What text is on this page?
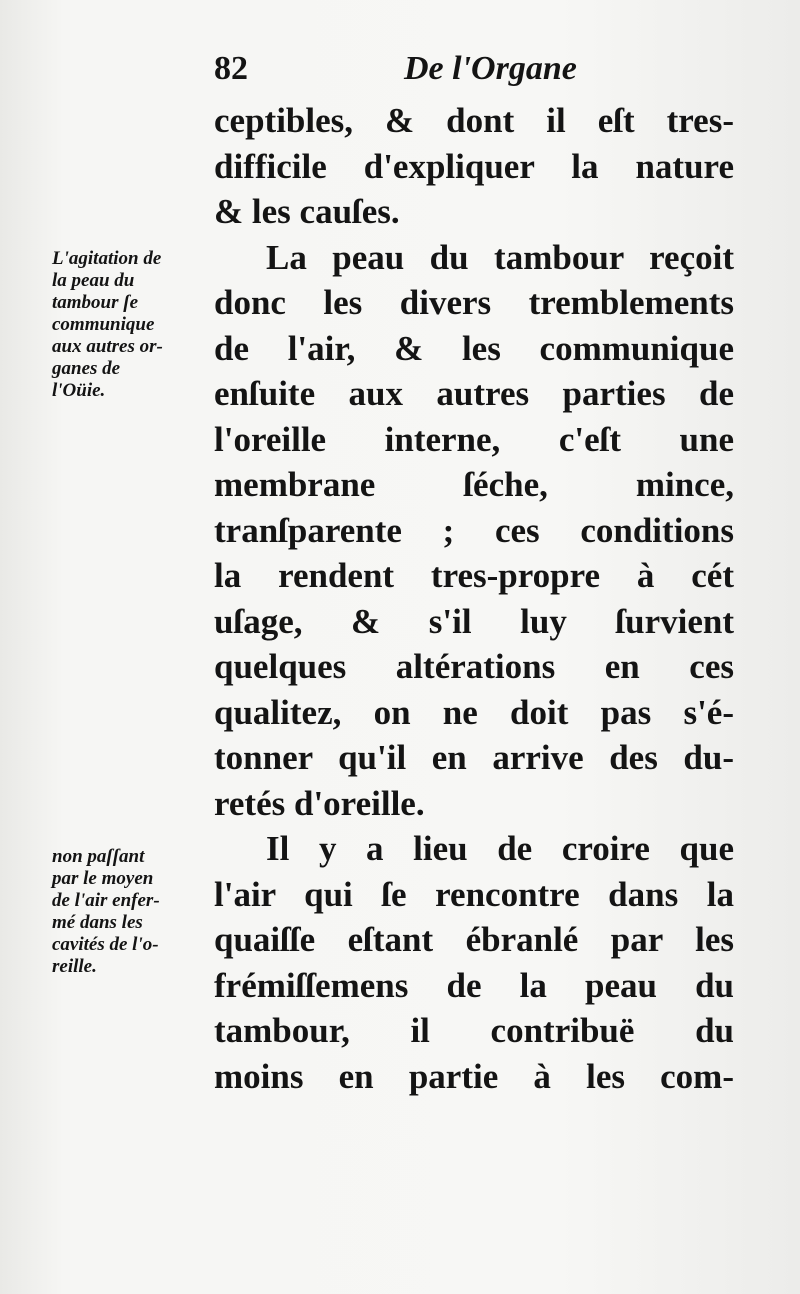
82	De l'Organe
ceptibles, & dont il eſt tres-
difficile d'expliquer la nature
& les cauſes.
La peau du tambour reçoit
donc les divers tremblements
de l'air, & les communique
enſuite aux autres parties de
l'oreille interne, c'eſt une
membrane ſéche, mince,
tranſparente ; ces conditions
la rendent tres-propre à cét
uſage, & s'il luy ſurvient
quelques altérations en ces
qualitez, on ne doit pas s'é-
tonner qu'il en arrive des du-
retés d'oreille.
Il y a lieu de croire que
l'air qui ſe rencontre dans la
quaiſſe eſtant ébranlé par les
frémiſſemens de la peau du
tambour, il contribuë du
moins en partie à les com-
L'agitation de
la peau du
tambour ſe
communique
aux autres or-
ganes de
l'Oüie.
non paſſant
par le moyen
de l'air enfer-
mé dans les
cavités de l'o-
reille.
